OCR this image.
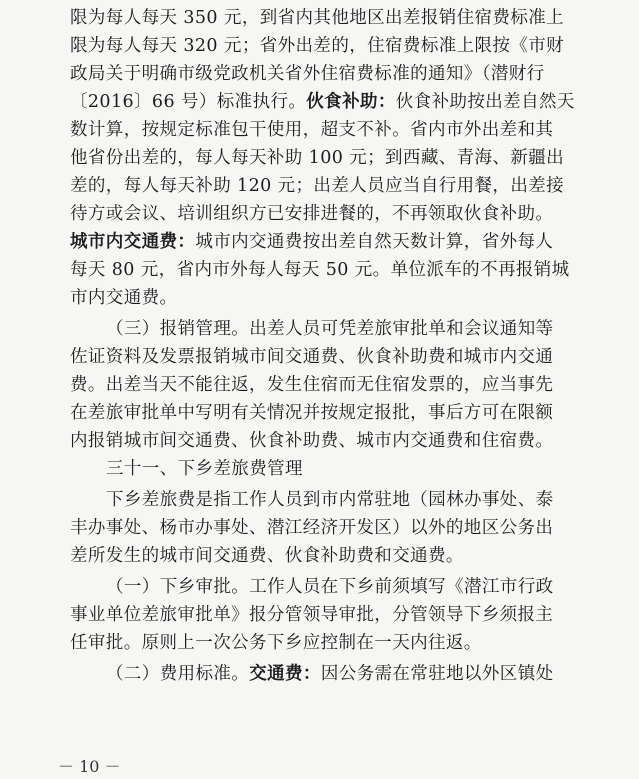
限为每人每天 350 元，到省内其他地区出差报销住宿费标准上
限为每人每天 320 元；省外出差的，住宿费标准上限按《市财
政局关于明确市级党政机关省外住宿费标准的通知》（潜财行
〔2016〕66 号）标准执行。伙食补助：伙食补助按出差自然天
数计算，按规定标准包干使用，超支不补。省内市外出差和其
他省份出差的，每人每天补助 100 元；到西藏、青海、新疆出
差的，每人每天补助 120 元；出差人员应当自行用餐，出差接
待方或会议、培训组织方已安排进餐的，不再领取伙食补助。
城市内交通费：城市内交通费按出差自然天数计算，省外每人
每天 80 元，省内市外每人每天 50 元。单位派车的不再报销城
市内交通费。
（三）报销管理。出差人员可凭差旅审批单和会议通知等
佐证资料及发票报销城市间交通费、伙食补助费和城市内交通
费。出差当天不能往返，发生住宿而无住宿发票的，应当事先
在差旅审批单中写明有关情况并按规定报批，事后方可在限额
内报销城市间交通费、伙食补助费、城市内交通费和住宿费。
三十一、下乡差旅费管理
下乡差旅费是指工作人员到市内常驻地（园林办事处、泰
丰办事处、杨市办事处、潜江经济开发区）以外的地区公务出
差所发生的城市间交通费、伙食补助费和交通费。
（一）下乡审批。工作人员在下乡前须填写《潜江市行政
事业单位差旅审批单》报分管领导审批，分管领导下乡须报主
任审批。原则上一次公务下乡应控制在一天内往返。
（二）费用标准。交通费：因公务需在常驻地以外区镇处
－ 10 －
